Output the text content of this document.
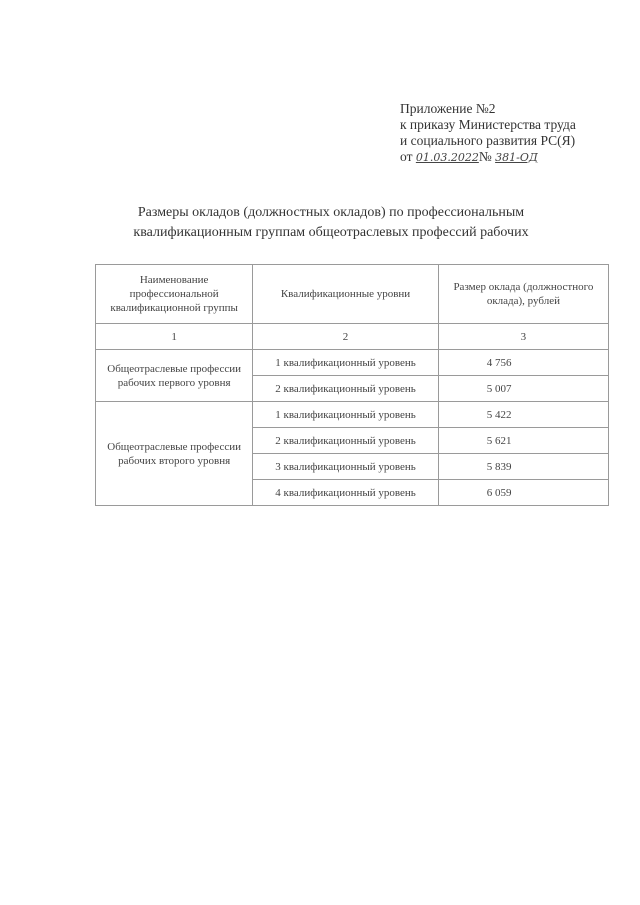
Приложение №2
к приказу Министерства труда
и социального развития РС(Я)
от 01.03.2022№ 381-ОД
Размеры окладов (должностных окладов) по профессиональным
квалификационным группам общеотраслевых профессий рабочих
Наименование профессиональной квалификационной группы	Квалификационные уровни	Размер оклада (должностного оклада), рублей
1	2	3
Общеотраслевые профессии рабочих первого уровня	1 квалификационный уровень	4 756
	2 квалификационный уровень	5 007
Общеотраслевые профессии рабочих второго уровня	1 квалификационный уровень	5 422
	2 квалификационный уровень	5 621
	3 квалификационный уровень	5 839
	4 квалификационный уровень	6 059
